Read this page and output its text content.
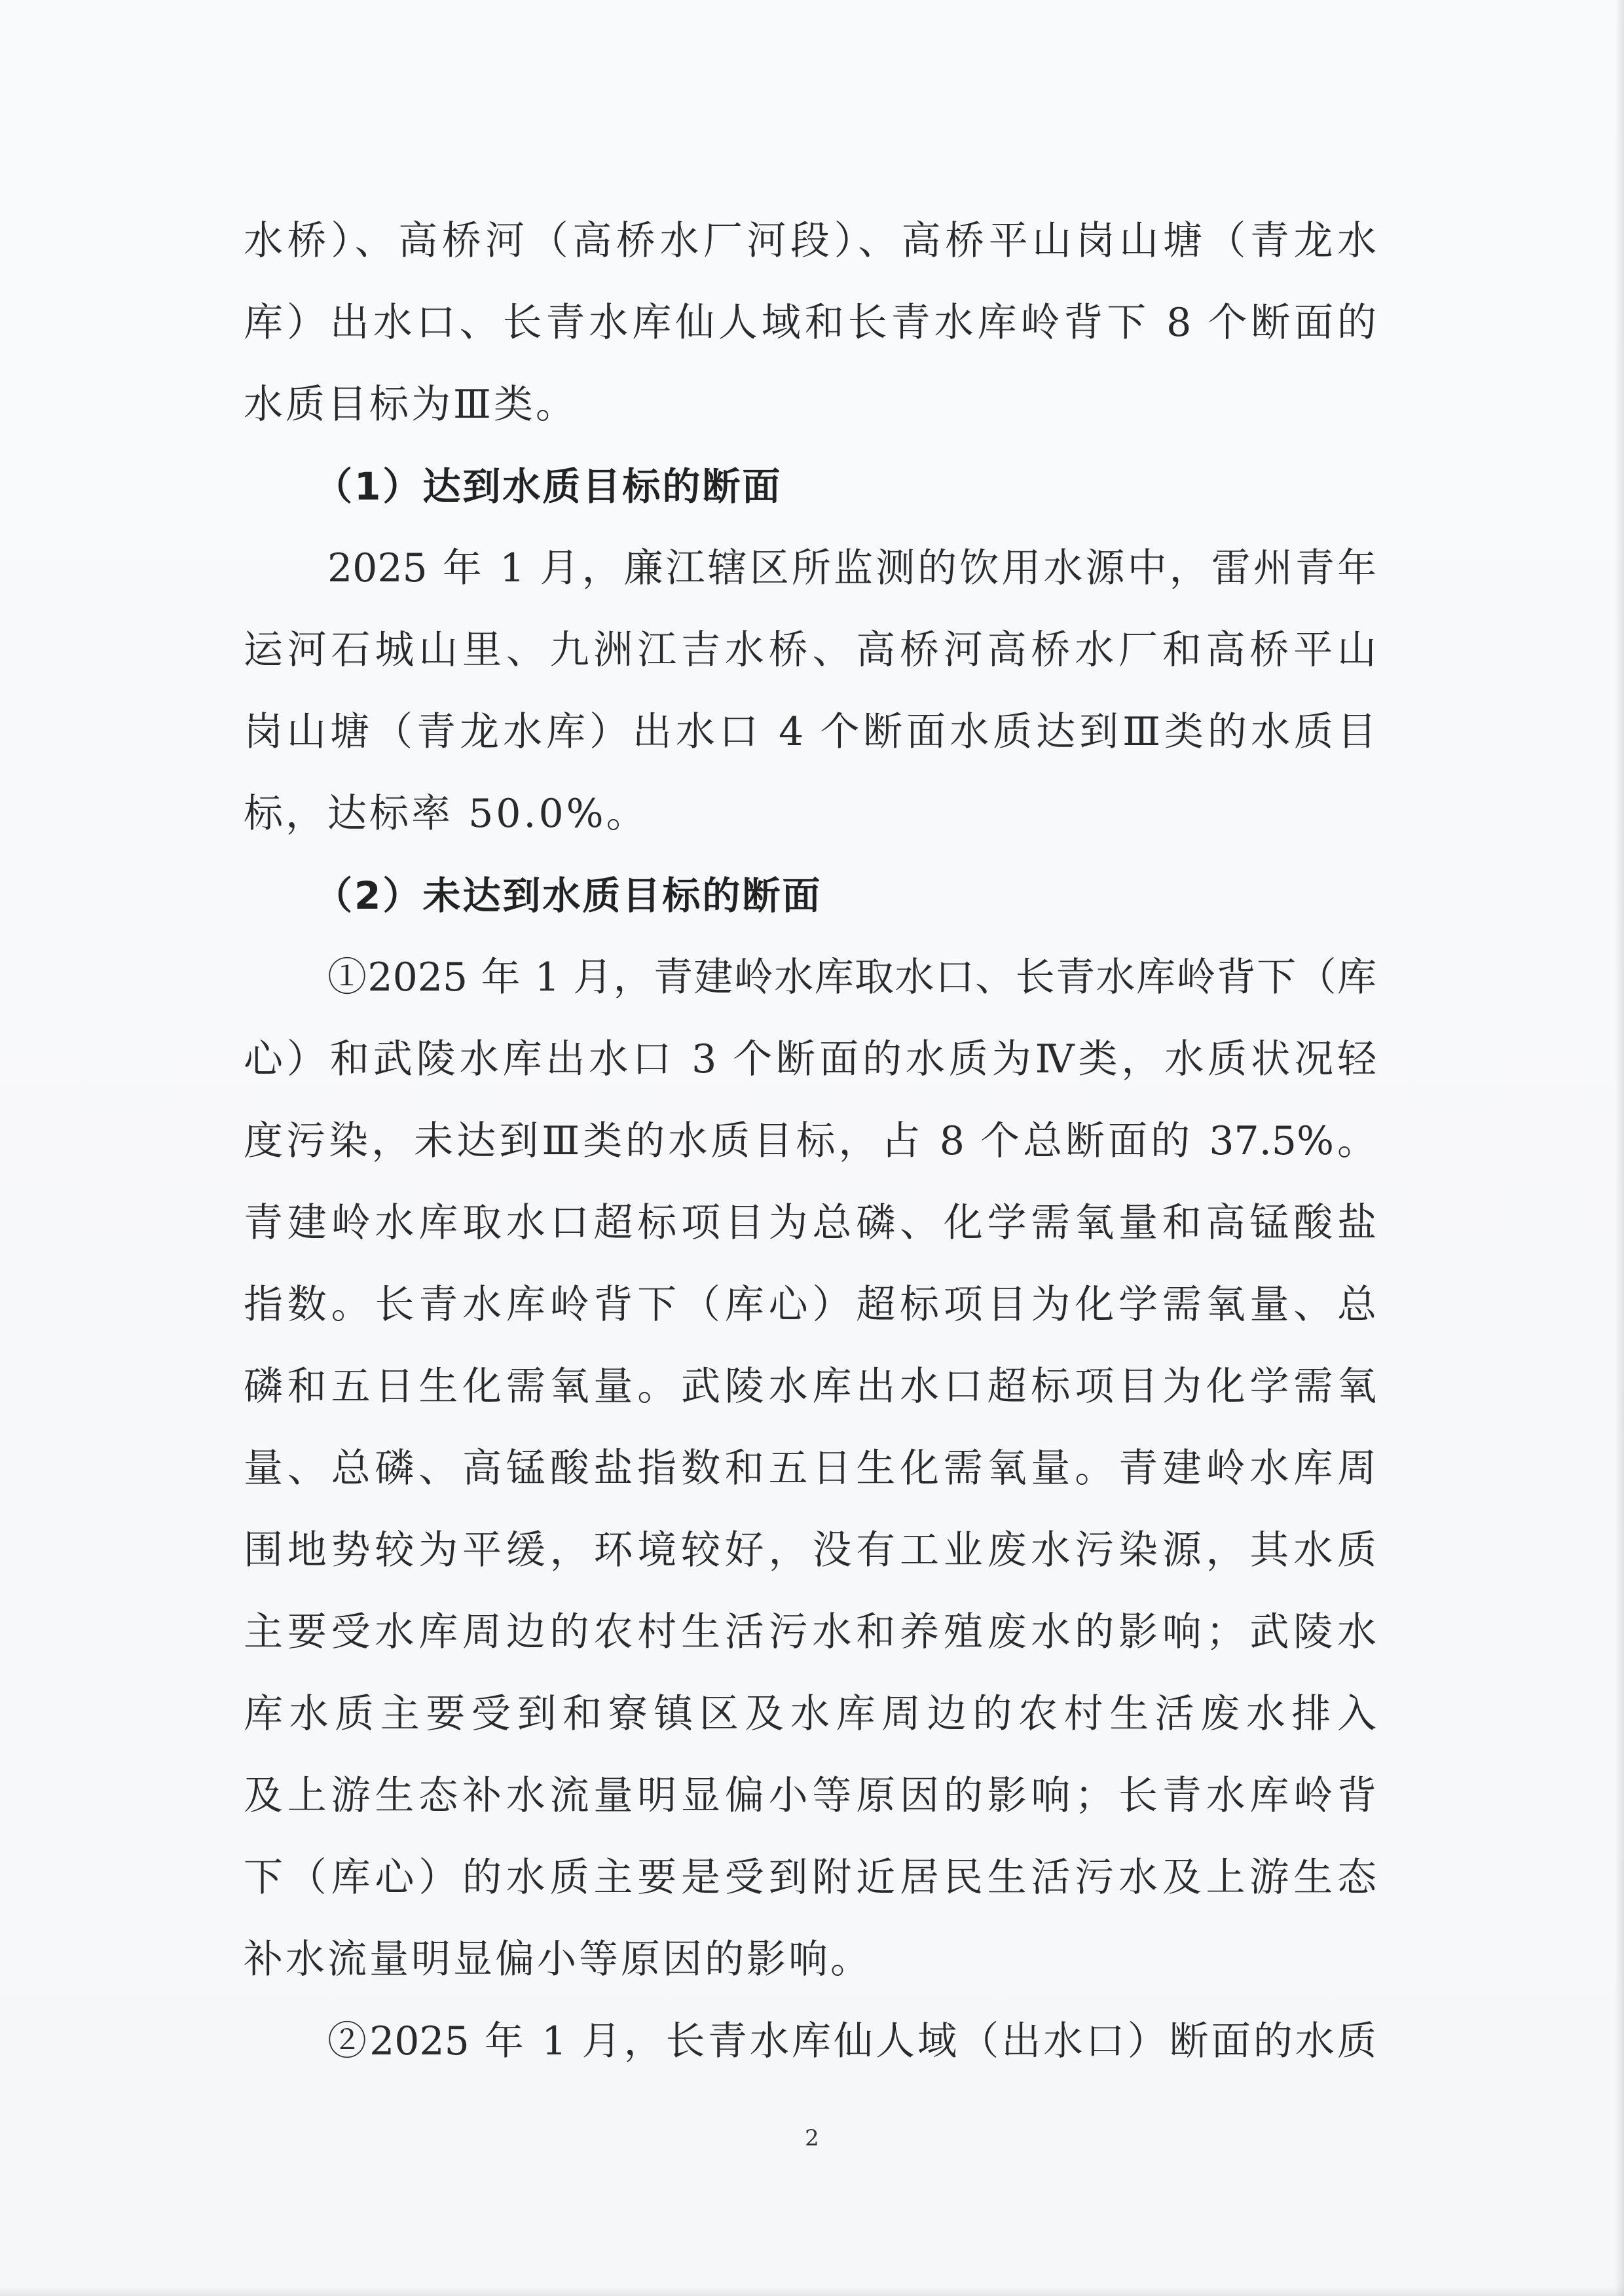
水桥）、高桥河（高桥水厂河段）、高桥平山岗山塘（青龙水
库）出水口、长青水库仙人域和长青水库岭背下 8 个断面的
水质目标为Ⅲ类。
（1）达到水质目标的断面
2025 年 1 月，廉江辖区所监测的饮用水源中，雷州青年
运河石城山里、九洲江吉水桥、高桥河高桥水厂和高桥平山
岗山塘（青龙水库）出水口 4 个断面水质达到Ⅲ类的水质目
标，达标率 50.0%。
（2）未达到水质目标的断面
①2025 年 1 月，青建岭水库取水口、长青水库岭背下（库
心）和武陵水库出水口 3 个断面的水质为Ⅳ类，水质状况轻
度污染，未达到Ⅲ类的水质目标，占 8 个总断面的 37.5%。
青建岭水库取水口超标项目为总磷、化学需氧量和高锰酸盐
指数。长青水库岭背下（库心）超标项目为化学需氧量、总
磷和五日生化需氧量。武陵水库出水口超标项目为化学需氧
量、总磷、高锰酸盐指数和五日生化需氧量。青建岭水库周
围地势较为平缓，环境较好，没有工业废水污染源，其水质
主要受水库周边的农村生活污水和养殖废水的影响；武陵水
库水质主要受到和寮镇区及水库周边的农村生活废水排入
及上游生态补水流量明显偏小等原因的影响；长青水库岭背
下（库心）的水质主要是受到附近居民生活污水及上游生态
补水流量明显偏小等原因的影响。
②2025 年 1 月，长青水库仙人域（出水口）断面的水质
2
